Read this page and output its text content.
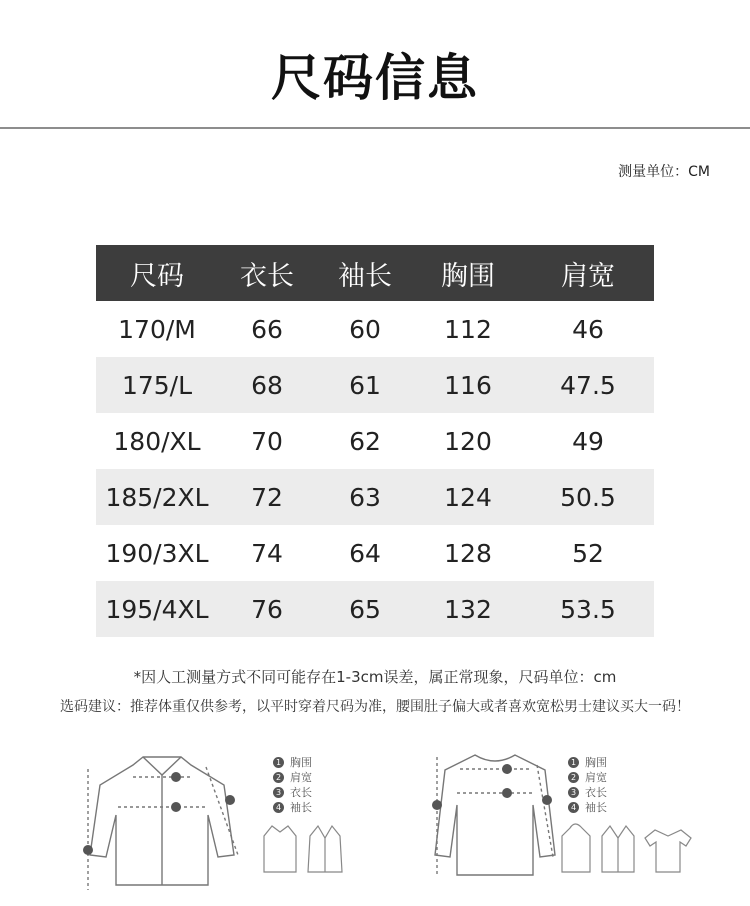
尺码信息
测量单位：CM
尺码	衣长	袖长	胸围	肩宽
170/M	66	60	112	46
175/L	68	61	116	47.5
180/XL	70	62	120	49
185/2XL	72	63	124	50.5
190/3XL	74	64	128	52
195/4XL	76	65	132	53.5
*因人工测量方式不同可能存在1-3cm误差，属正常现象，尺码单位：cm
选码建议：推荐体重仅供参考，以平时穿着尺码为准，腰围肚子偏大或者喜欢宽松男士建议买大一码！
1 胸围
2 肩宽
3 衣长
4 袖长
1 胸围
2 肩宽
3 衣长
4 袖长
